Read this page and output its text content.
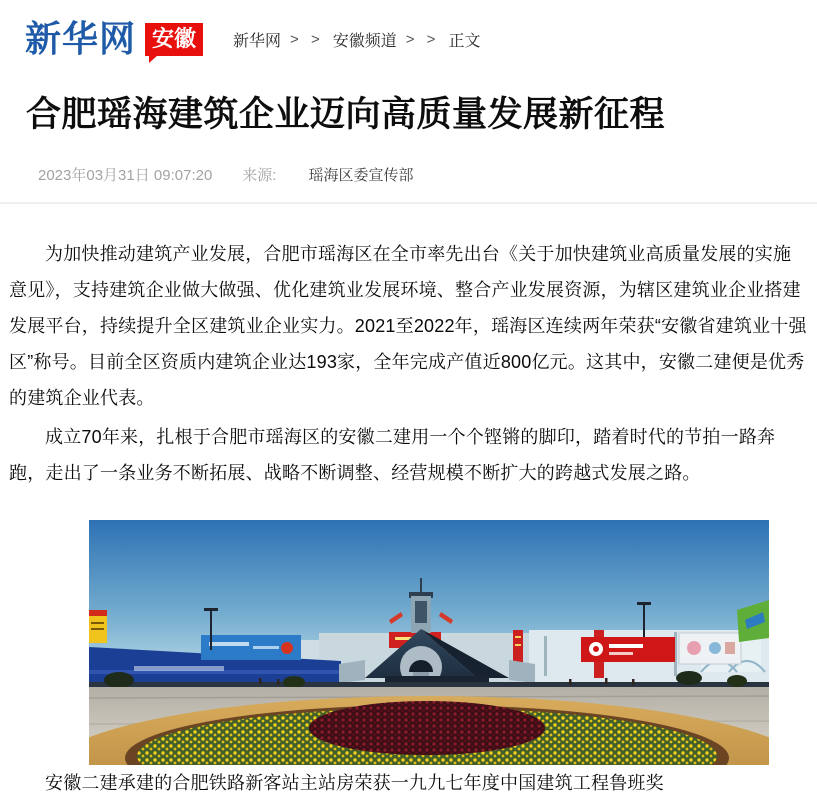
新华网 安徽	新华网 > > 安徽频道 > > 正文
合肥瑶海建筑企业迈向高质量发展新征程
2023年03月31日 09:07:20 来源: 瑶海区委宣传部

为加快推动建筑产业发展，合肥市瑶海区在全市率先出台《关于加快建筑业高质量发展的实施意见》，支持建筑企业做大做强、优化建筑业发展环境、整合产业发展资源，为辖区建筑业企业搭建发展平台，持续提升全区建筑业企业实力。2021至2022年，瑶海区连续两年荣获“安徽省建筑业十强区”称号。目前全区资质内建筑企业达193家，全年完成产值近800亿元。这其中，安徽二建便是优秀的建筑企业代表。

成立70年来，扎根于合肥市瑶海区的安徽二建用一个个铿锵的脚印，踏着时代的节拍一路奔跑，走出了一条业务不断拓展、战略不断调整、经营规模不断扩大的跨越式发展之路。

安徽二建承建的合肥铁路新客站主站房荣获一九九七年度中国建筑工程鲁班奖
